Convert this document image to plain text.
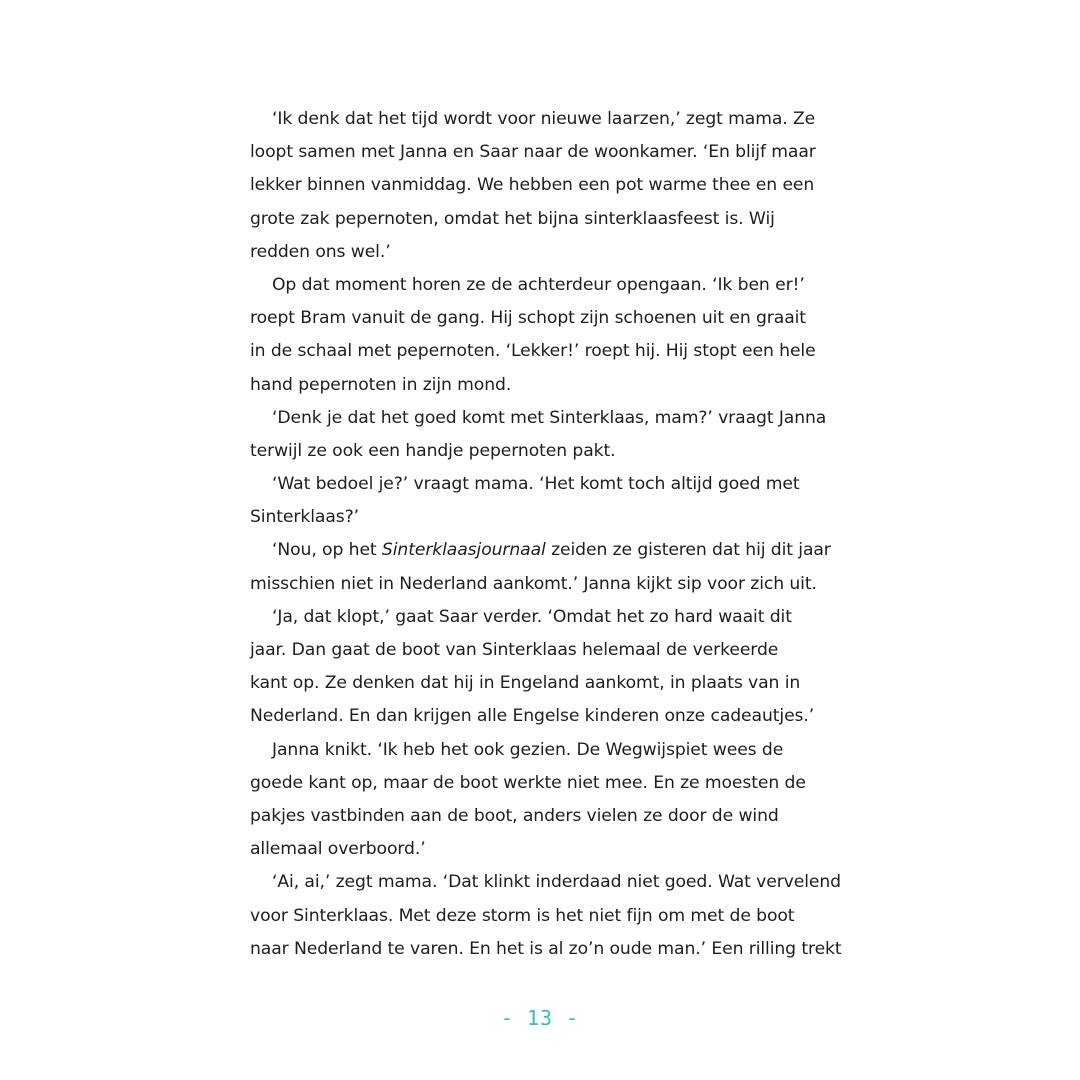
‘Ik denk dat het tijd wordt voor nieuwe laarzen,’ zegt mama. Ze
loopt samen met Janna en Saar naar de woonkamer. ‘En blijf maar
lekker binnen vanmiddag. We hebben een pot warme thee en een
grote zak pepernoten, omdat het bijna sinterklaasfeest is. Wij
redden ons wel.’
Op dat moment horen ze de achterdeur opengaan. ‘Ik ben er!’
roept Bram vanuit de gang. Hij schopt zijn schoenen uit en graait
in de schaal met pepernoten. ‘Lekker!’ roept hij. Hij stopt een hele
hand pepernoten in zijn mond.
‘Denk je dat het goed komt met Sinterklaas, mam?’ vraagt Janna
terwijl ze ook een handje pepernoten pakt.
‘Wat bedoel je?’ vraagt mama. ‘Het komt toch altijd goed met
Sinterklaas?’
‘Nou, op het Sinterklaasjournaal zeiden ze gisteren dat hij dit jaar
misschien niet in Nederland aankomt.’ Janna kijkt sip voor zich uit.
‘Ja, dat klopt,’ gaat Saar verder. ‘Omdat het zo hard waait dit
jaar. Dan gaat de boot van Sinterklaas helemaal de verkeerde
kant op. Ze denken dat hij in Engeland aankomt, in plaats van in
Nederland. En dan krijgen alle Engelse kinderen onze cadeautjes.’
Janna knikt. ‘Ik heb het ook gezien. De Wegwijspiet wees de
goede kant op, maar de boot werkte niet mee. En ze moesten de
pakjes vastbinden aan de boot, anders vielen ze door de wind
allemaal overboord.’
‘Ai, ai,’ zegt mama. ‘Dat klinkt inderdaad niet goed. Wat vervelend
voor Sinterklaas. Met deze storm is het niet fijn om met de boot
naar Nederland te varen. En het is al zo’n oude man.’ Een rilling trekt
- 13 -
